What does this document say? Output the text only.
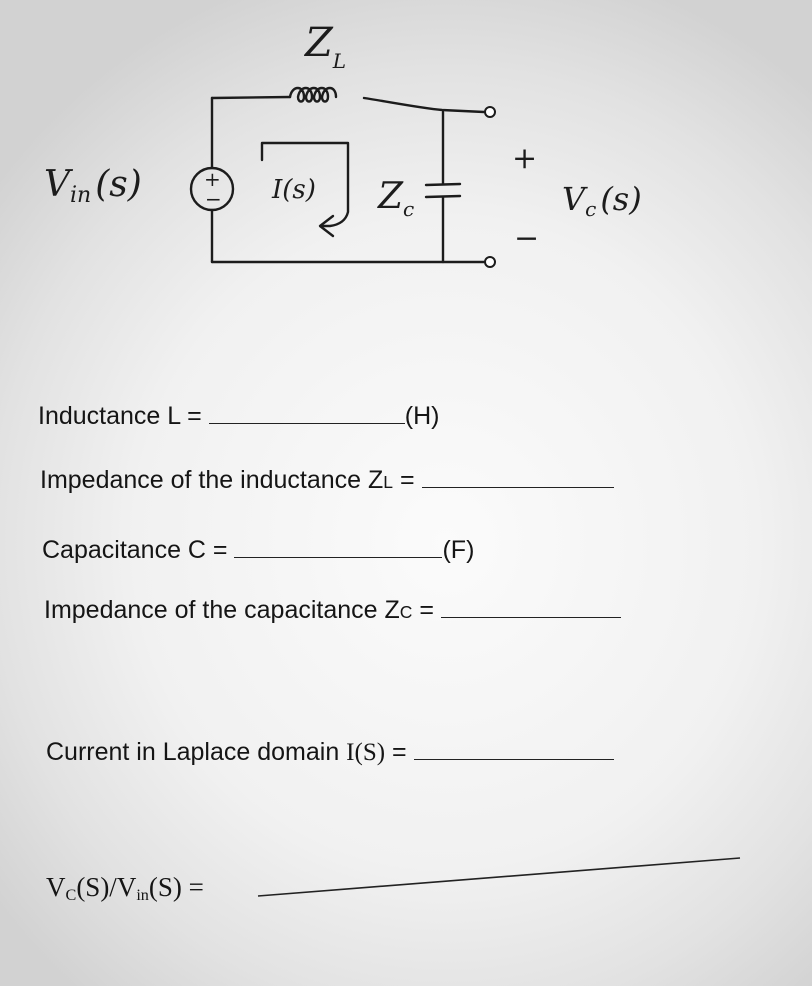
+
−
Vin (s)
$Z_L$
I(s) $Z_c$
+
−
Vc (s)
Inductance L =	(H)
Impedance of the inductance ZL =
Capacitance C =	(F)
Impedance of the capacitance ZC =
Current in Laplace domain I(S) =
$V_C(S)/V_{in}(S)$ =
